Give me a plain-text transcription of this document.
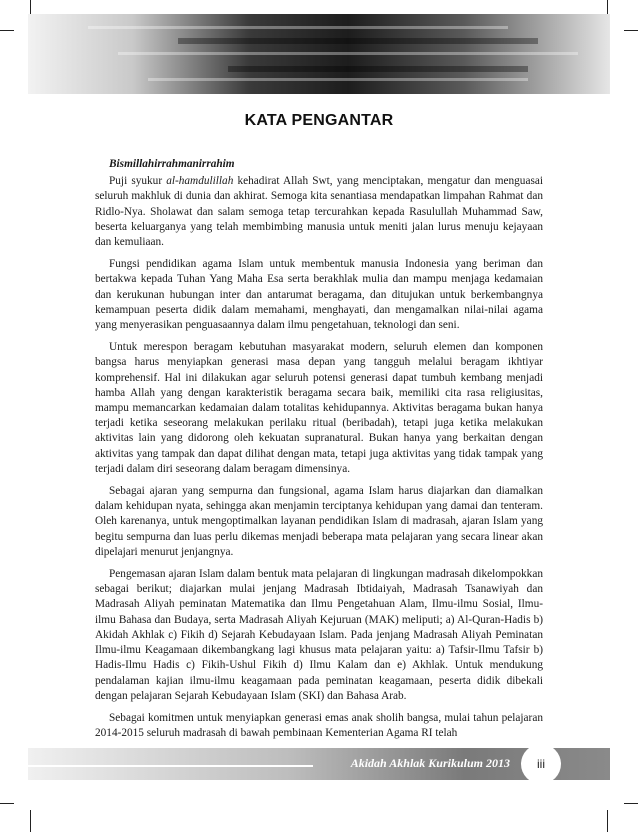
KATA PENGANTAR

Bismillahirrahmanirrahim

Puji syukur al-hamdulillah kehadirat Allah Swt, yang menciptakan, mengatur dan menguasai seluruh makhluk di dunia dan akhirat. Semoga kita senantiasa mendapatkan limpahan Rahmat dan Ridlo-Nya. Sholawat dan salam semoga tetap tercurahkan kepada Rasulullah Muhammad Saw, beserta keluarganya yang telah membimbing manusia untuk meniti jalan lurus menuju kejayaan dan kemuliaan.

Fungsi pendidikan agama Islam untuk membentuk manusia Indonesia yang beriman dan bertakwa kepada Tuhan Yang Maha Esa serta berakhlak mulia dan mampu menjaga kedamaian dan kerukunan hubungan inter dan antarumat beragama, dan ditujukan untuk berkembangnya kemampuan peserta didik dalam memahami, menghayati, dan mengamalkan nilai-nilai agama yang menyerasikan penguasaannya dalam ilmu pengetahuan, teknologi dan seni.

Untuk merespon beragam kebutuhan masyarakat modern, seluruh elemen dan komponen bangsa harus menyiapkan generasi masa depan yang tangguh melalui beragam ikhtiyar komprehensif. Hal ini dilakukan agar seluruh potensi generasi dapat tumbuh kembang menjadi hamba Allah yang dengan karakteristik beragama secara baik, memiliki cita rasa religiusitas, mampu memancarkan kedamaian dalam totalitas kehidupannya. Aktivitas beragama bukan hanya terjadi ketika seseorang melakukan perilaku ritual (beribadah), tetapi juga ketika melakukan aktivitas lain yang didorong oleh kekuatan supranatural. Bukan hanya yang berkaitan dengan aktivitas yang tampak dan dapat dilihat dengan mata, tetapi juga aktivitas yang tidak tampak yang terjadi dalam diri seseorang dalam beragam dimensinya.

Sebagai ajaran yang sempurna dan fungsional, agama Islam harus diajarkan dan diamalkan dalam kehidupan nyata, sehingga akan menjamin terciptanya kehidupan yang damai dan tenteram. Oleh karenanya, untuk mengoptimalkan layanan pendidikan Islam di madrasah, ajaran Islam yang begitu sempurna dan luas perlu dikemas menjadi beberapa mata pelajaran yang secara linear akan dipelajari menurut jenjangnya.

Pengemasan ajaran Islam dalam bentuk mata pelajaran di lingkungan madrasah dikelompokkan sebagai berikut; diajarkan mulai jenjang Madrasah Ibtidaiyah, Madrasah Tsanawiyah dan Madrasah Aliyah peminatan Matematika dan Ilmu Pengetahuan Alam, Ilmu-ilmu Sosial, Ilmu-ilmu Bahasa dan Budaya, serta Madrasah Aliyah Kejuruan (MAK) meliputi; a) Al-Quran-Hadis b) Akidah Akhlak c) Fikih d) Sejarah Kebudayaan Islam. Pada jenjang Madrasah Aliyah Peminatan Ilmu-ilmu Keagamaan dikembangkang lagi khusus mata pelajaran yaitu: a) Tafsir-Ilmu Tafsir b) Hadis-Ilmu Hadis c) Fikih-Ushul Fikih d) Ilmu Kalam dan e) Akhlak. Untuk mendukung pendalaman kajian ilmu-ilmu keagamaan pada peminatan keagamaan, peserta didik dibekali dengan pelajaran Sejarah Kebudayaan Islam (SKI) dan Bahasa Arab.

Sebagai komitmen untuk menyiapkan generasi emas anak sholih bangsa, mulai tahun pelajaran 2014-2015 seluruh madrasah di bawah pembinaan Kementerian Agama RI telah

Akidah Akhlak Kurikulum 2013	iii
